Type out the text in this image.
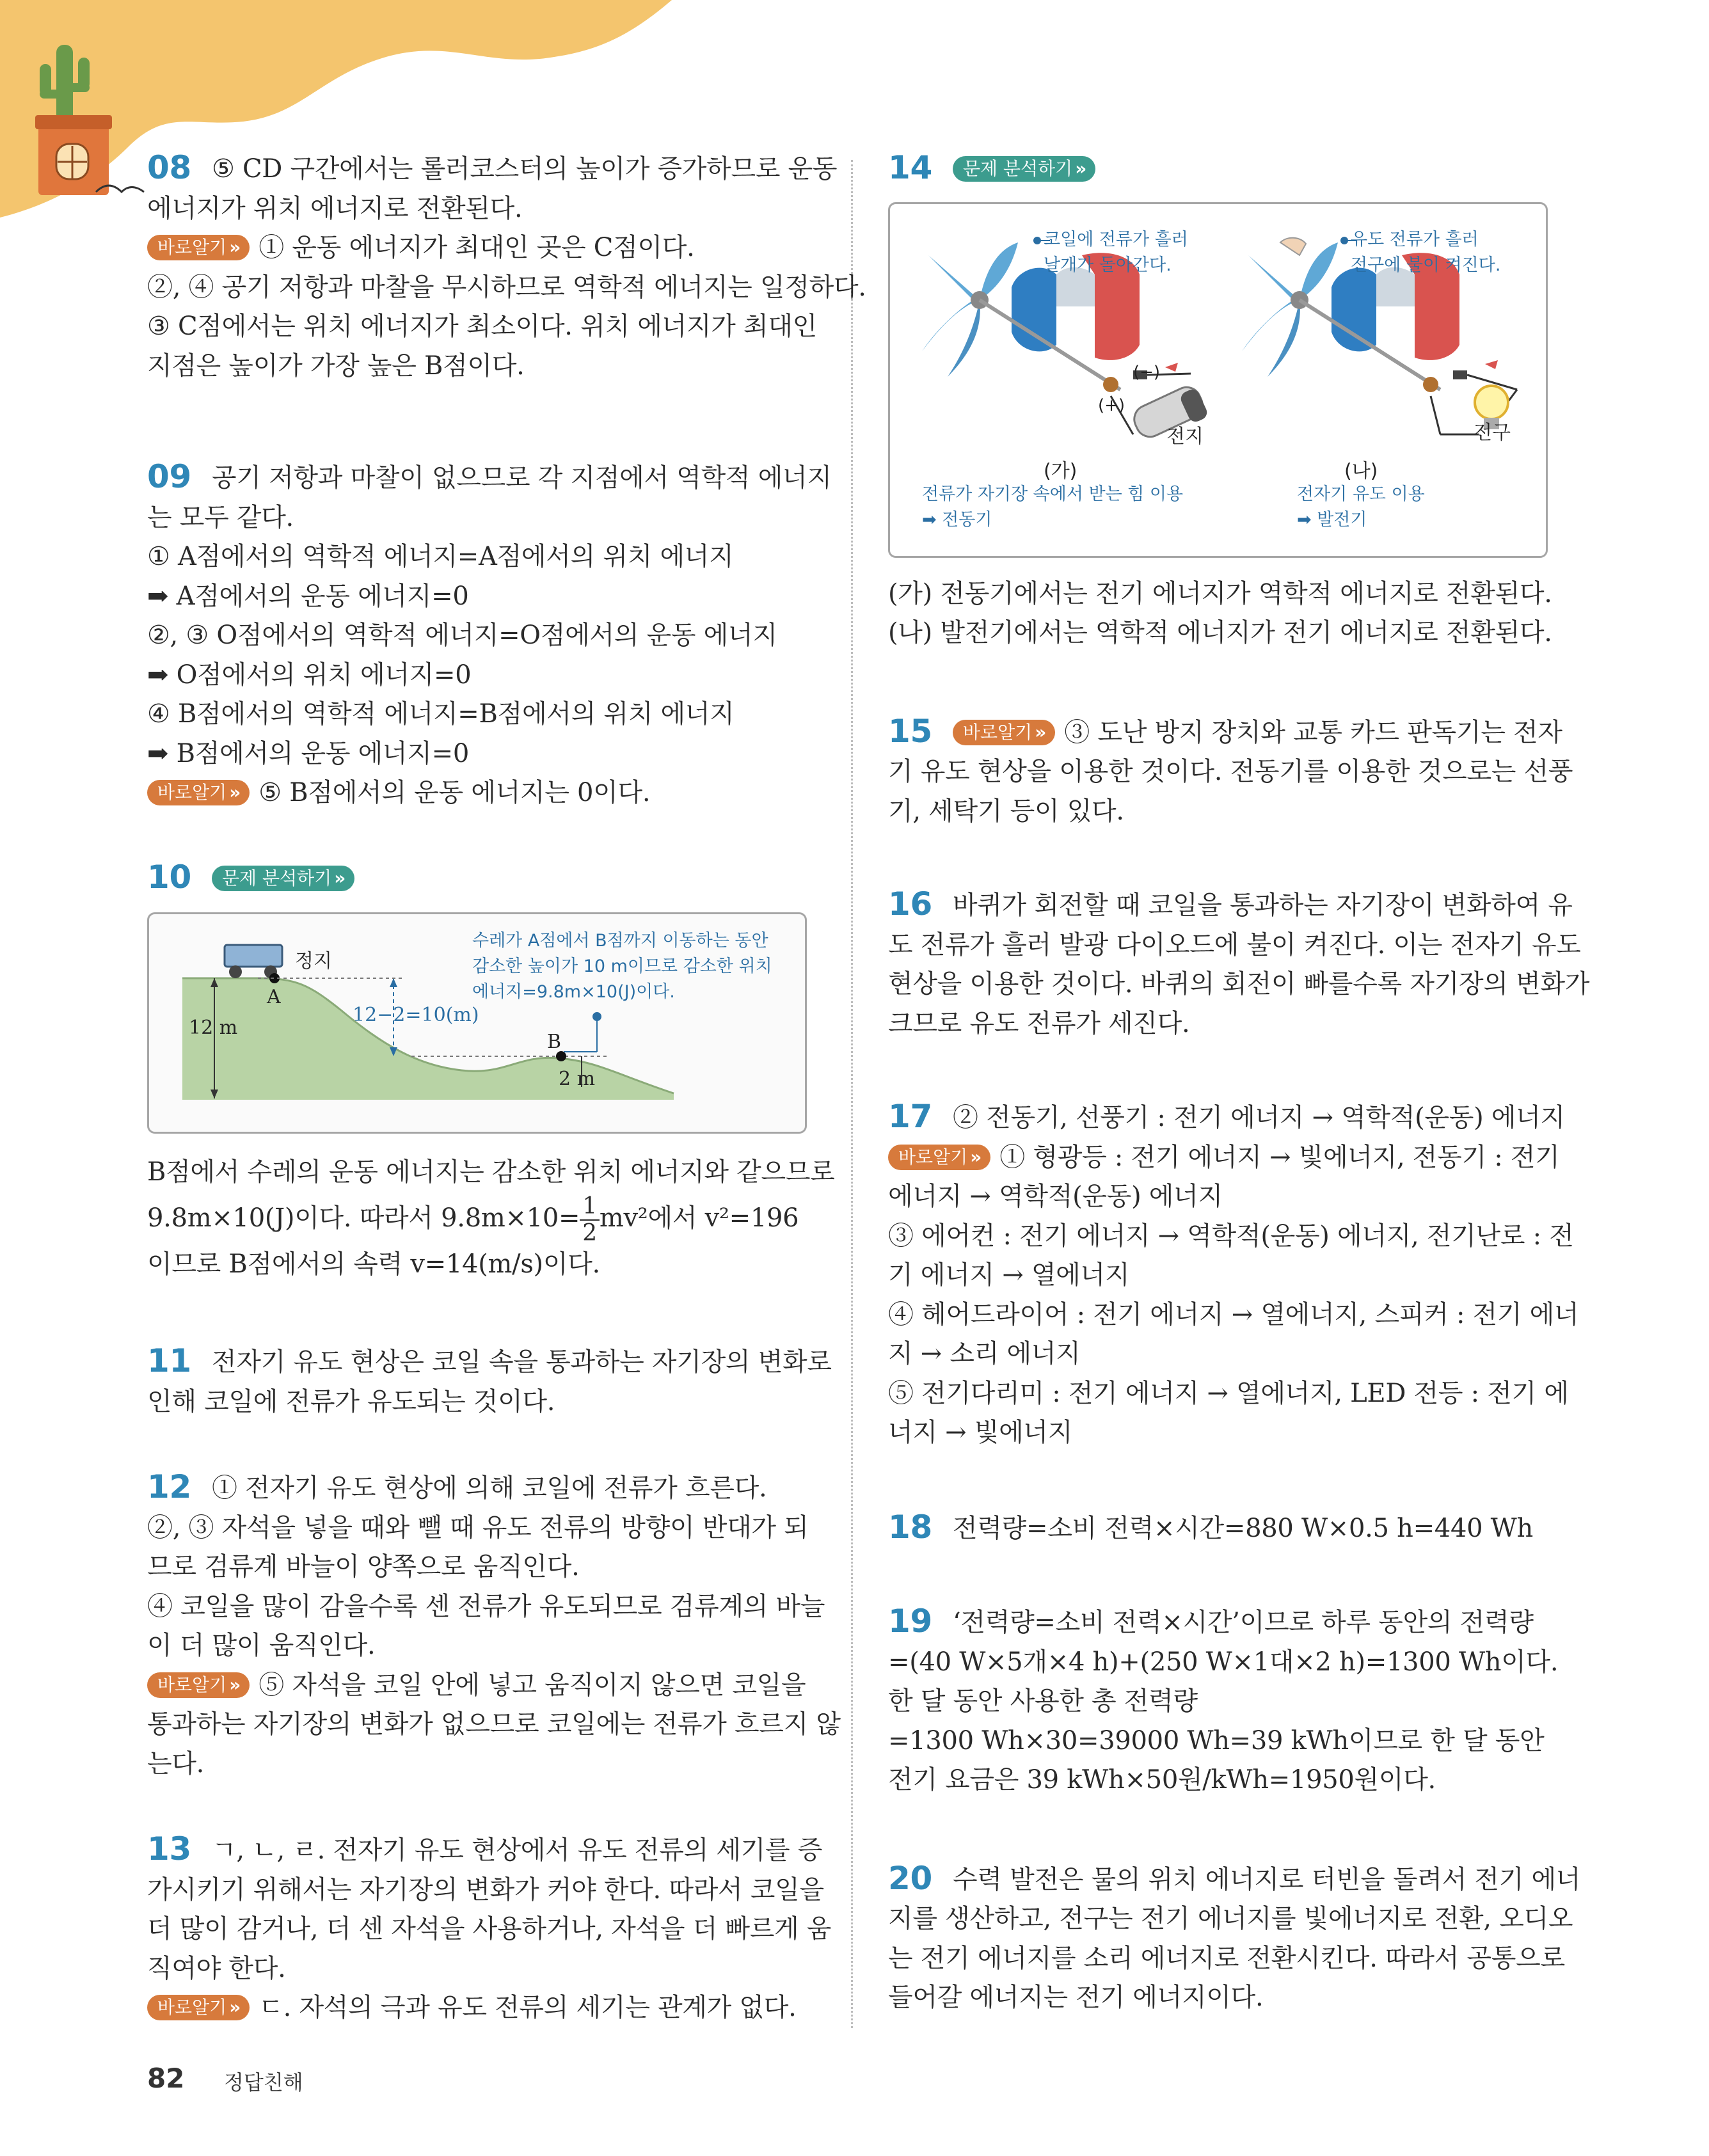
08 ⑤ CD 구간에서는 롤러코스터의 높이가 증가하므로 운동
에너지가 위치 에너지로 전환된다.
바로알기 » ① 운동 에너지가 최대인 곳은 C점이다.
②, ④ 공기 저항과 마찰을 무시하므로 역학적 에너지는 일정하다.
③ C점에서는 위치 에너지가 최소이다. 위치 에너지가 최대인
지점은 높이가 가장 높은 B점이다.
09 공기 저항과 마찰이 없으므로 각 지점에서 역학적 에너지
는 모두 같다.
① A점에서의 역학적 에너지=A점에서의 위치 에너지
➡ A점에서의 운동 에너지=0
②, ③ O점에서의 역학적 에너지=O점에서의 운동 에너지
➡ O점에서의 위치 에너지=0
④ B점에서의 역학적 에너지=B점에서의 위치 에너지
➡ B점에서의 운동 에너지=0
바로알기 » ⑤ B점에서의 운동 에너지는 0이다.
10 문제 분석하기 »
정지
A
12 m
12−2=10(m)
B
2 m
수레가 A점에서 B점까지 이동하는 동안
감소한 높이가 10 m이므로 감소한 위치
에너지=9.8m×10(J)이다.
B점에서 수레의 운동 에너지는 감소한 위치 에너지와 같으므로
9.8m×10(J)이다. 따라서 $9.8m\times 10= \frac{1}{2} mv^2$에서 v²=196
이므로 B점에서의 속력 v=14(m/s)이다.
11 전자기 유도 현상은 코일 속을 통과하는 자기장의 변화로
인해 코일에 전류가 유도되는 것이다.
12 ① 전자기 유도 현상에 의해 코일에 전류가 흐른다.
②, ③ 자석을 넣을 때와 뺄 때 유도 전류의 방향이 반대가 되
므로 검류계 바늘이 양쪽으로 움직인다.
④ 코일을 많이 감을수록 센 전류가 유도되므로 검류계의 바늘
이 더 많이 움직인다.
바로알기 » ⑤ 자석을 코일 안에 넣고 움직이지 않으면 코일을
통과하는 자기장의 변화가 없으므로 코일에는 전류가 흐르지 않
는다.
13 ㄱ, ㄴ, ㄹ. 전자기 유도 현상에서 유도 전류의 세기를 증
가시키기 위해서는 자기장의 변화가 커야 한다. 따라서 코일을
더 많이 감거나, 더 센 자석을 사용하거나, 자석을 더 빠르게 움
직여야 한다.
바로알기 » ㄷ. 자석의 극과 유도 전류의 세기는 관계가 없다.
14 문제 분석하기 »
코일에 전류가 흘러
날개가 돌아간다.
유도 전류가 흘러
전구에 불이 켜진다.
(−)
(+)
전지	전구
(가)	(나)
전류가 자기장 속에서 받는 힘 이용
➡ 전동기
전자기 유도 이용
➡ 발전기
(가) 전동기에서는 전기 에너지가 역학적 에너지로 전환된다.
(나) 발전기에서는 역학적 에너지가 전기 에너지로 전환된다.
15 바로알기 » ③ 도난 방지 장치와 교통 카드 판독기는 전자
기 유도 현상을 이용한 것이다. 전동기를 이용한 것으로는 선풍
기, 세탁기 등이 있다.
16 바퀴가 회전할 때 코일을 통과하는 자기장이 변화하여 유
도 전류가 흘러 발광 다이오드에 불이 켜진다. 이는 전자기 유도
현상을 이용한 것이다. 바퀴의 회전이 빠를수록 자기장의 변화가
크므로 유도 전류가 세진다.
17 ② 전동기, 선풍기 : 전기 에너지 → 역학적(운동) 에너지
바로알기 » ① 형광등 : 전기 에너지 → 빛에너지, 전동기 : 전기
에너지 → 역학적(운동) 에너지
③ 에어컨 : 전기 에너지 → 역학적(운동) 에너지, 전기난로 : 전
기 에너지 → 열에너지
④ 헤어드라이어 : 전기 에너지 → 열에너지, 스피커 : 전기 에너
지 → 소리 에너지
⑤ 전기다리미 : 전기 에너지 → 열에너지, LED 전등 : 전기 에
너지 → 빛에너지
18 전력량=소비 전력×시간=880 W×0.5 h=440 Wh
19 ‘전력량=소비 전력×시간’이므로 하루 동안의 전력량
=(40 W×5개×4 h)+(250 W×1대×2 h)=1300 Wh이다.
한 달 동안 사용한 총 전력량
=1300 Wh×30=39000 Wh=39 kWh이므로 한 달 동안
전기 요금은 39 kWh×50원/kWh=1950원이다.
20 수력 발전은 물의 위치 에너지로 터빈을 돌려서 전기 에너
지를 생산하고, 전구는 전기 에너지를 빛에너지로 전환, 오디오
는 전기 에너지를 소리 에너지로 전환시킨다. 따라서 공통으로
들어갈 에너지는 전기 에너지이다.
82 정답친해
